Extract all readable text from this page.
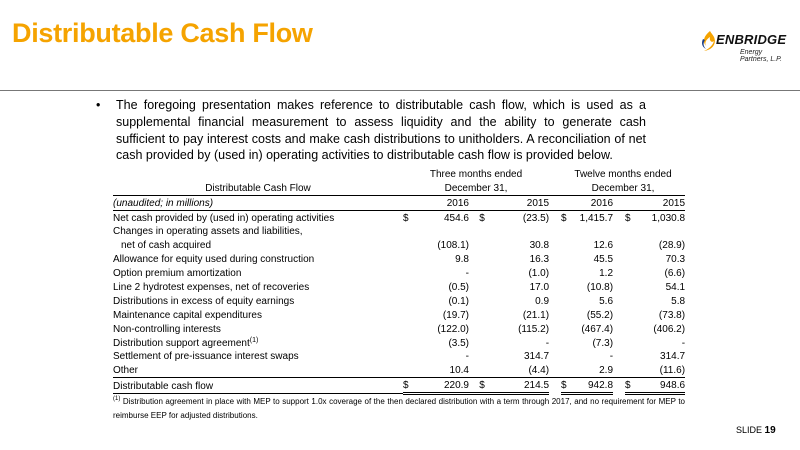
Distributable Cash Flow	ENBRIDGE
Energy Partners, L.P.
• The foregoing presentation makes reference to distributable cash flow, which is used as a supplemental financial measurement to assess liquidity and the ability to generate cash sufficient to pay interest costs and make cash distributions to unitholders. A reconciliation of net cash provided by (used in) operating activities to distributable cash flow is provided below.
	Three months ended					Twelve months ended				
Distributable Cash Flow	December 31,					December 31,				
(unaudited; in millions)		2016		2015			2016			2015
Net cash provided by (used in) operating activities	$	454.6	$	(23.5)		$	1,415.7		$	1,030.8
Changes in operating assets and liabilities,										
net of cash acquired		(108.1)		30.8			12.6			(28.9)
Allowance for equity used during construction		9.8		16.3			45.5			70.3
Option premium amortization		-		(1.0)			1.2			(6.6)
Line 2 hydrotest expenses, net of recoveries		(0.5)		17.0			(10.8)			54.1
Distributions in excess of equity earnings		(0.1)		0.9			5.6			5.8
Maintenance capital expenditures		(19.7)		(21.1)			(55.2)			(73.8)
Non-controlling interests		(122.0)		(115.2)			(467.4)			(406.2)
Distribution support agreement$^{(1)}$		(3.5)		-			(7.3)			-
Settlement of pre-issuance interest swaps		-		314.7			-			314.7
Other		10.4		(4.4)			2.9			(11.6)
Distributable cash flow	$	220.9	$	214.5		$	942.8		$	948.6
$^{(1)}$ Distribution agreement in place with MEP to support 1.0x coverage of the then declared distribution with a term through 2017, and no requirement for MEP to reimburse EEP for adjusted distributions.
SLIDE 19
